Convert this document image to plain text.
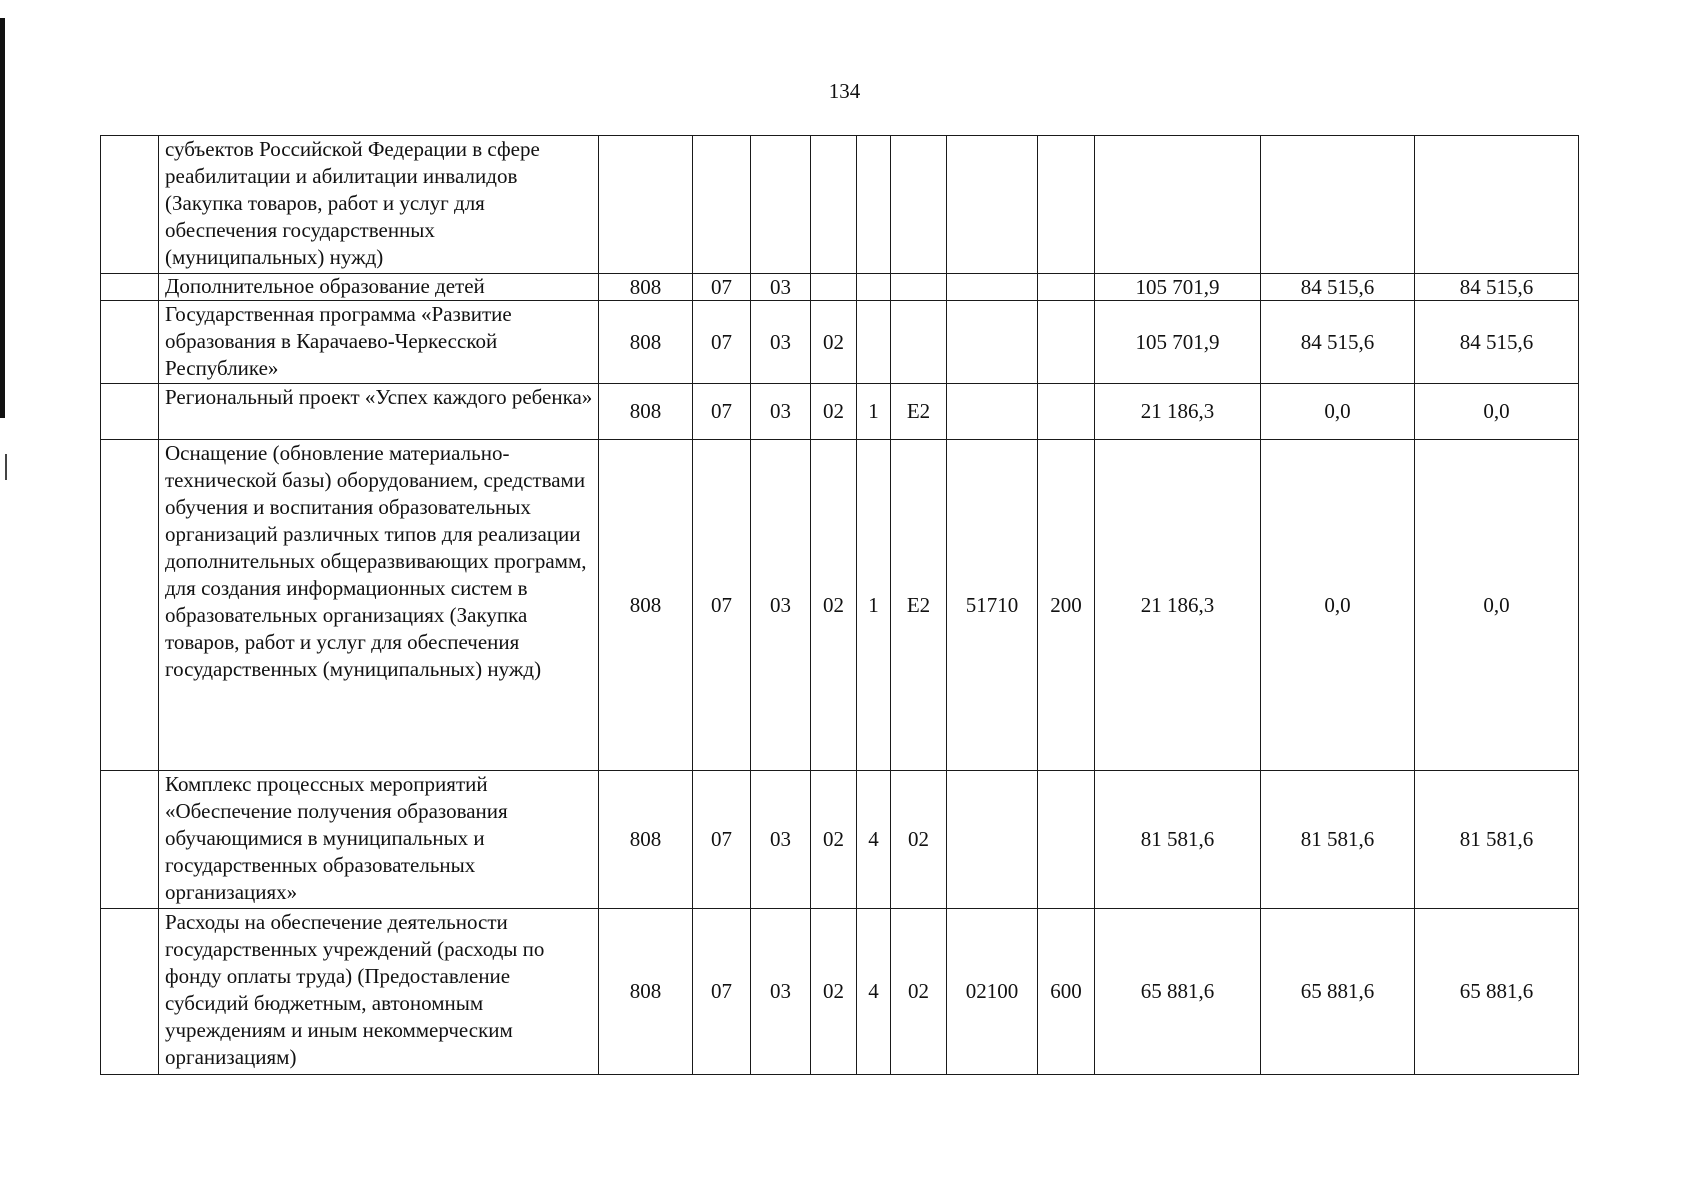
134
	субъектов Российской Федерации в сфере реабилитации и абилитации инвалидов (Закупка товаров, работ и услуг для обеспечения государственных (муниципальных) нужд)											
	Дополнительное образование детей	808	07	03						105 701,9	84 515,6	84 515,6
	Государственная программа «Развитие образования в Карачаево-Черкесской Республике»	808	07	03	02					105 701,9	84 515,6	84 515,6
	Региональный проект «Успех каждого ребенка»	808	07	03	02	1	Е2			21 186,3	0,0	0,0
	Оснащение (обновление материально-технической базы) оборудованием, средствами обучения и воспитания образовательных организаций различных типов для реализации дополнительных общеразвивающих программ, для создания информационных систем в образовательных организациях (Закупка товаров, работ и услуг для обеспечения государственных (муниципальных) нужд)	808	07	03	02	1	Е2	51710	200	21 186,3	0,0	0,0
	Комплекс процессных мероприятий «Обеспечение получения образования обучающимися в муниципальных и государственных образовательных организациях»	808	07	03	02	4	02			81 581,6	81 581,6	81 581,6
	Расходы на обеспечение деятельности государственных учреждений (расходы по фонду оплаты труда) (Предоставление субсидий бюджетным, автономным учреждениям и иным некоммерческим организациям)	808	07	03	02	4	02	02100	600	65 881,6	65 881,6	65 881,6
